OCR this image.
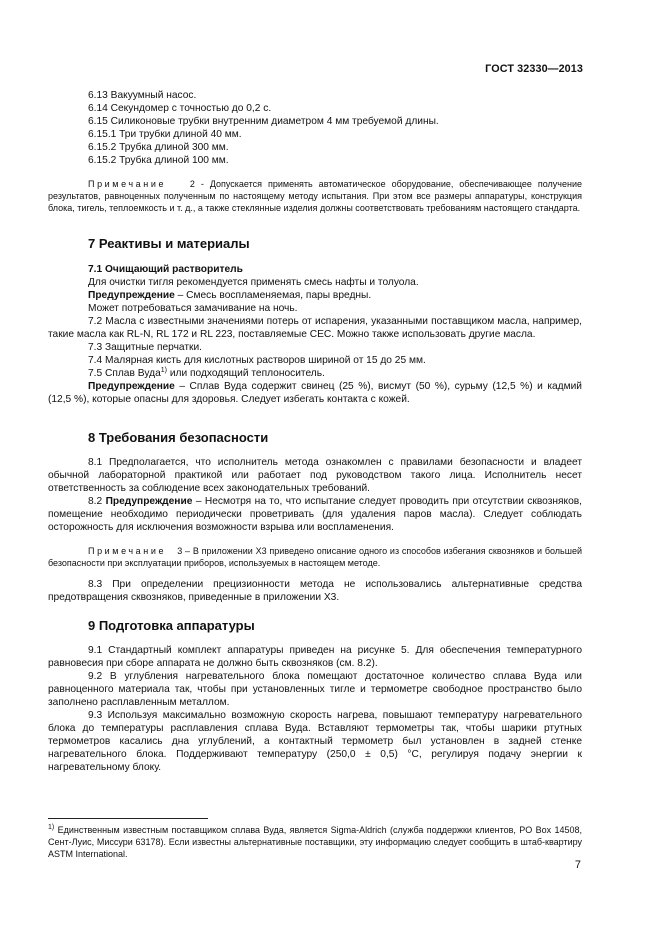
ГОСТ 32330—2013

6.13 Вакуумный насос.

6.14 Секундомер с точностью до 0,2 с.

6.15 Силиконовые трубки внутренним диаметром 4 мм требуемой длины.

6.15.1 Три трубки длиной 40 мм.

6.15.2 Трубка длиной 300 мм.

6.15.2 Трубка длиной 100 мм.

Примечание	2 - Допускается применять автоматическое оборудование, обеспечивающее получение результатов, равноценных полученным по настоящему методу испытания. При этом все размеры аппаратуры, конструкция блока, тигель, теплоемкость и т. д., а также стеклянные изделия должны соответствовать требованиям настоящего стандарта.

7 Реактивы и материалы

7.1 Очищающий растворитель

Для очистки тигля рекомендуется применять смесь нафты и толуола.

Предупреждение – Смесь воспламеняемая, пары вредны.

Может потребоваться замачивание на ночь.

7.2 Масла с известными значениями потерь от испарения, указанными поставщиком масла, например, такие масла как RL-N, RL 172 и RL 223, поставляемые CEC. Можно также использовать другие масла.

7.3 Защитные перчатки.

7.4 Малярная кисть для кислотных растворов шириной от 15 до 25 мм.

7.5 Сплав Вуда$^{1)}$ или подходящий теплоноситель.

Предупреждение – Сплав Вуда содержит свинец (25 %), висмут (50 %), сурьму (12,5 %) и кадмий (12,5 %), которые опасны для здоровья. Следует избегать контакта с кожей.

8 Требования безопасности

8.1 Предполагается, что исполнитель метода ознакомлен с правилами безопасности и владеет обычной лабораторной практикой или работает под руководством такого лица. Исполнитель несет ответственность за соблюдение всех законодательных требований.

8.2 Предупреждение – Несмотря на то, что испытание следует проводить при отсутствии сквозняков, помещение необходимо периодически проветривать (для удаления паров масла). Следует соблюдать осторожность для исключения возможности взрыва или воспламенения.

Примечание 3 – В приложении Х3 приведено описание одного из способов избегания сквозняков и большей безопасности при эксплуатации приборов, используемых в настоящем методе.

8.3 При определении прецизионности метода не использовались альтернативные средства предотвращения сквозняков, приведенные в приложении Х3.

9 Подготовка аппаратуры

9.1 Стандартный комплект аппаратуры приведен на рисунке 5. Для обеспечения температурного равновесия при сборе аппарата не должно быть сквозняков (см. 8.2).

9.2 В углубления нагревательного блока помещают достаточное количество сплава Вуда или равноценного материала так, чтобы при установленных тигле и термометре свободное пространство было заполнено расплавленным металлом.

9.3 Используя максимально возможную скорость нагрева, повышают температуру нагревательного блока до температуры расплавления сплава Вуда. Вставляют термометры так, чтобы шарики ртутных термометров касались дна углублений, а контактный термометр был установлен в задней стенке нагревательного блока. Поддерживают температуру (250,0 ± 0,5) °С, регулируя подачу энергии к нагревательному блоку.

$^{1)}$ Единственным известным поставщиком сплава Вуда, является Sigma-Aldrich (служба поддержки клиентов, PO Box 14508, Сент-Луис, Миссури 63178). Если известны альтернативные поставщики, эту информацию следует сообщить в штаб-квартиру ASTM International.

7
